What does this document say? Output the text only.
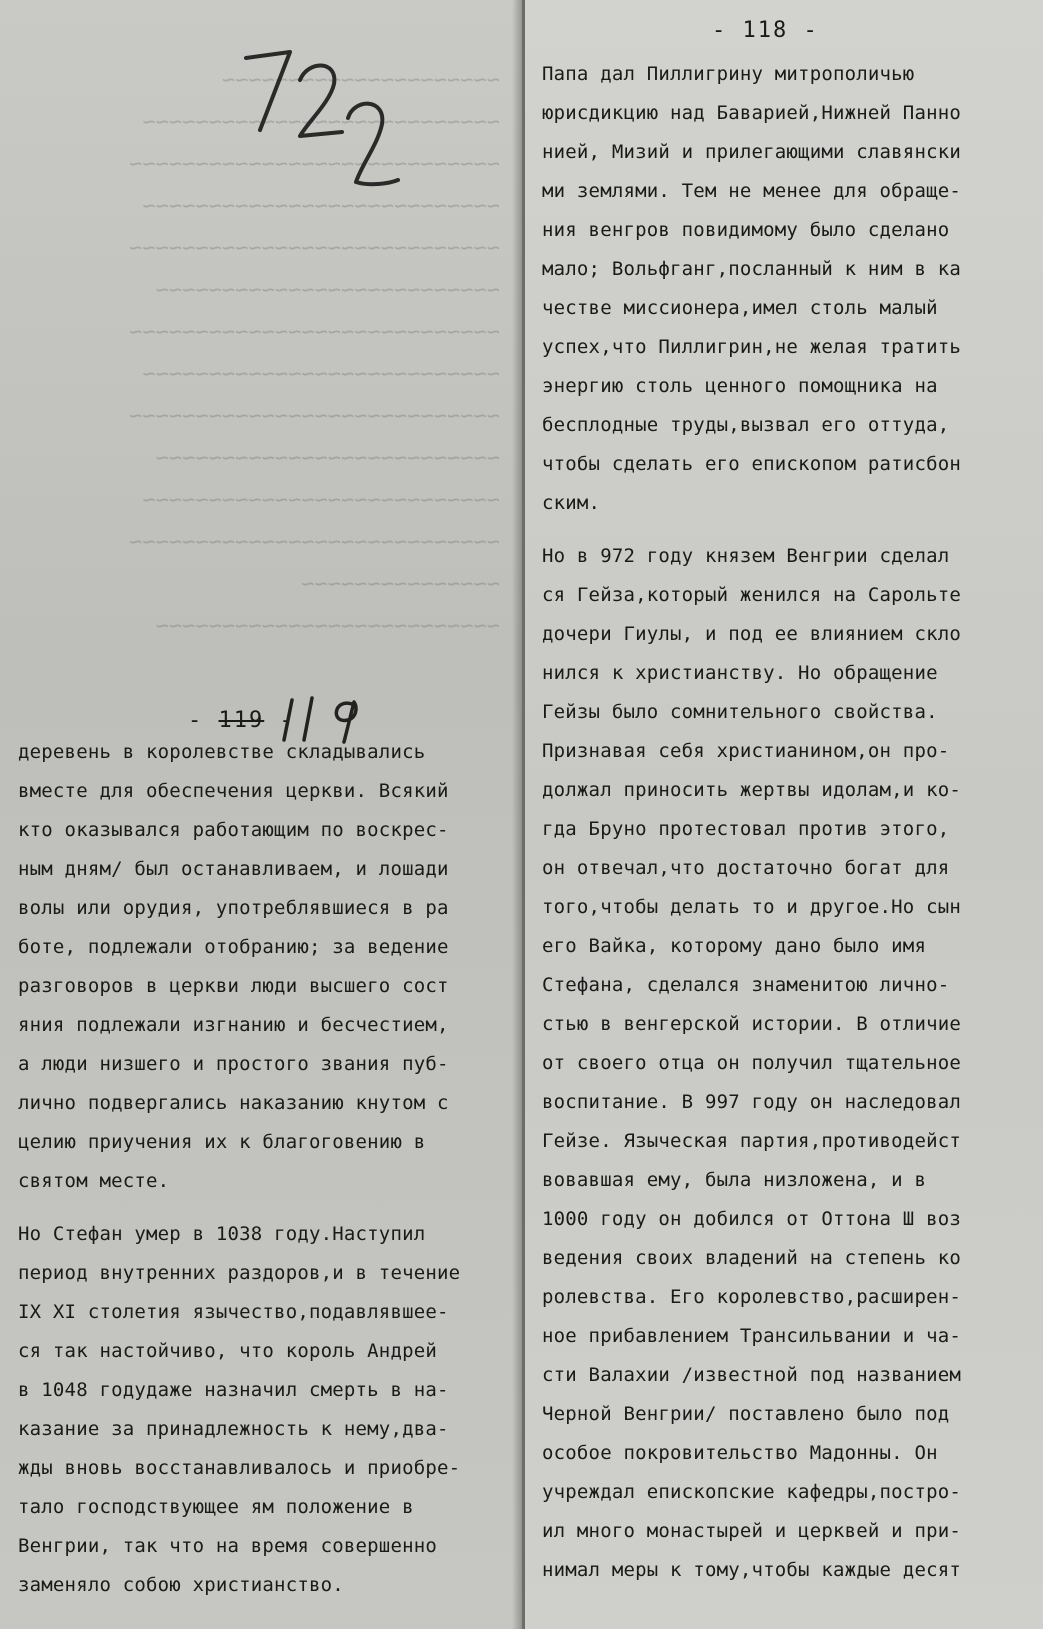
~~~~~~~~~~~~~~~~~~~~~
~~~~~~~~~~~~~~~~~~~~~~~~~~~
~~~~~~~~~~~~~~~~~~~~~~~~~~~~
~~~~~~~~~~~~~~~~~~~~~~~~~~~
~~~~~~~~~~~~~~~~~~~~~~~~~~~~
~~~~~~~~~~~~~~~~~~~~~~~~~~
~~~~~~~~~~~~~~~~~~~~~~~~~~~~
~~~~~~~~~~~~~~~~~~~~~~~~~~~
~~~~~~~~~~~~~~~~~~~~~~~~~~~~
~~~~~~~~~~~~~~~~~~~~~~~~~~
~~~~~~~~~~~~~~~~~~~~~~~~~~~
~~~~~~~~~~~~~~~~~~~~~~~~~~~~
~~~~~~~~~~~~~~~
~~~~~~~~~~~~~~~~~~~~~~~~~~
- 118 -
Папа дал Пиллигрину митрополичью
юрисдикцию над Баварией,Нижней Панно
нией, Мизий и прилегающими славянски
ми землями. Тем не менее для обраще-
ния венгров повидимому было сделано
мало; Вольфганг,посланный к ним в ка
честве миссионера,имел столь малый
успех,что Пиллигрин,не желая тратить
энергию столь ценного помощника на
бесплодные труды,вызвал его оттуда,
чтобы сделать его епископом ратисбон
ским.
Но в 972 году князем Венгрии сделал
ся Гейза,который женился на Сарольте
дочери Гиулы, и под ее влиянием скло
нился к христианству. Но обращение
Гейзы было сомнительного свойства.
Признавая себя христианином,он про-
должал приносить жертвы идолам,и ко-
гда Бруно протестовал против этого,
он отвечал,что достаточно богат для
того,чтобы делать то и другое.Но сын
его Вайка, которому дано было имя
Стефана, сделался знаменитою лично-
стью в венгерской истории. В отличие
от своего отца он получил тщательное
воспитание. В 997 году он наследовал
Гейзе. Языческая партия,противодейст
вовавшая ему, была низложена, и в
1000 году он добился от Оттона Ш воз
ведения своих владений на степень ко
ролевства. Его королевство,расширен-
ное прибавлением Трансильвании и ча-
сти Валахии /известной под названием
Черной Венгрии/ поставлено было под
особое покровительство Мадонны. Он
учреждал епископские кафедры,постро-
ил много монастырей и церквей и при-
нимал меры к тому,чтобы каждые десят
- 119 -
деревень в королевстве складывались
вместе для обеспечения церкви. Всякий
кто оказывался работающим по воскрес-
ным дням/ был останавливаем, и лошади
волы или орудия, употреблявшиеся в ра
боте, подлежали отобранию; за ведение
разговоров в церкви люди высшего сост
яния подлежали изгнанию и бесчестием,
а люди низшего и простого звания пуб-
лично подвергались наказанию кнутом с
целию приучения их к благоговению в
святом месте.
Но Стефан умер в 1038 году.Наступил
период внутренних раздоров,и в течение
IX XI столетия язычество,подавлявшее-
ся так настойчиво, что король Андрей
в 1048 годудаже назначил смерть в на-
казание за принадлежность к нему,два-
жды вновь восстанавливалось и приобре-
тало господствующее ям положение в
Венгрии, так что на время совершенно
заменяло собою христианство.
